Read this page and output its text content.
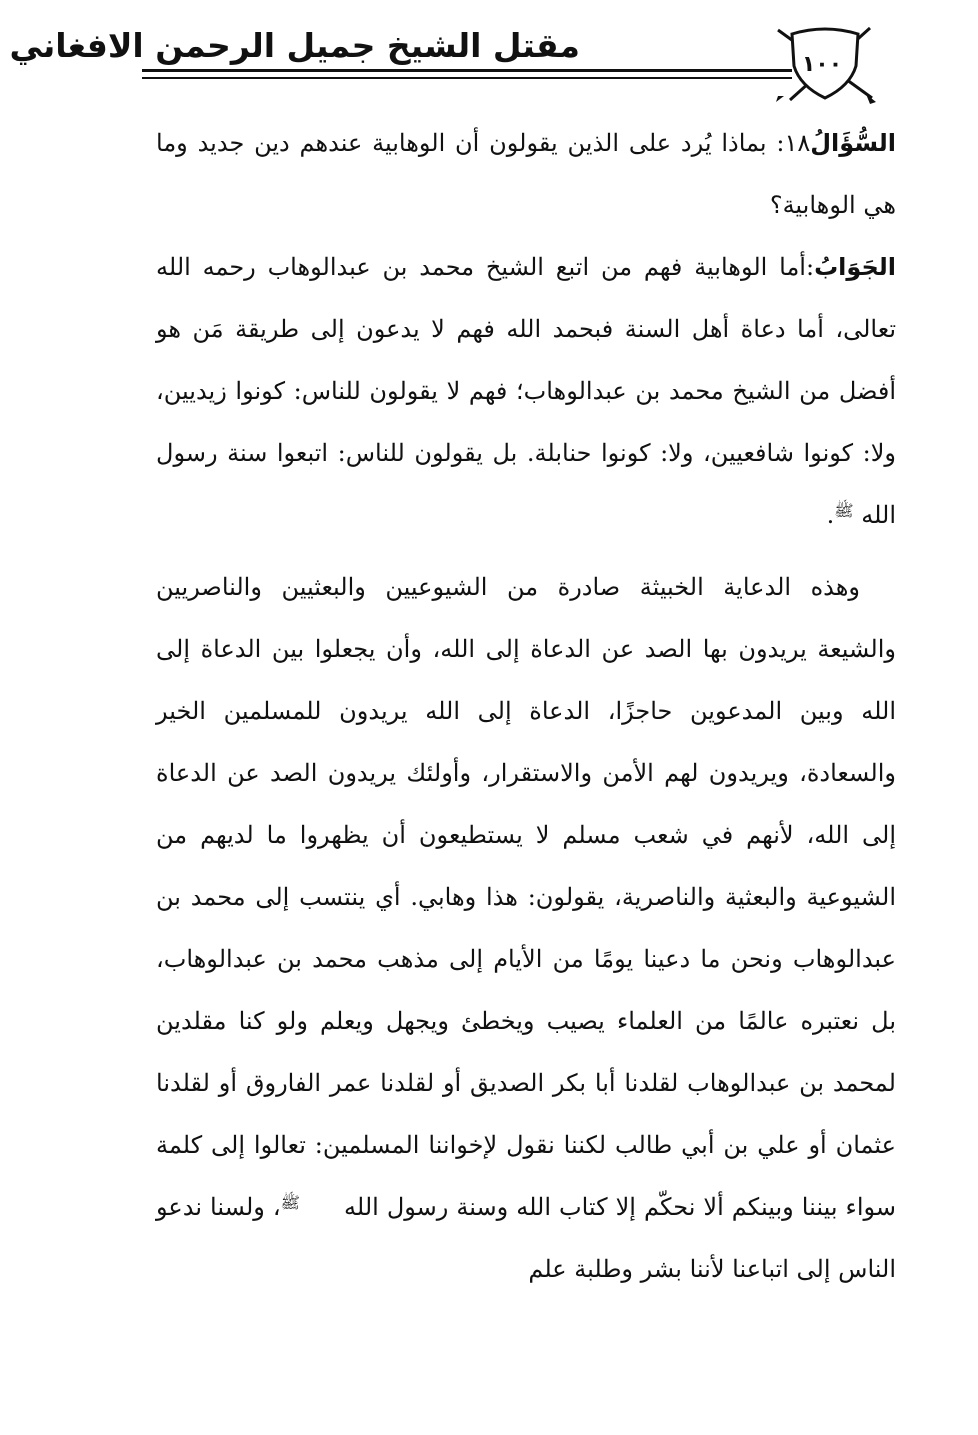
مقتل الشيخ جميل الرحمن الافغاني	١٠٠

السُّؤَالُ١٨: بماذا يُرد على الذين يقولون أن الوهابية عندهم دين جديد وما هي الوهابية؟

الجَوَابُ:أما الوهابية فهم من اتبع الشيخ محمد بن عبدالوهاب رحمه الله تعالى، أما دعاة أهل السنة فبحمد الله فهم لا يدعون إلى طريقة مَن هو أفضل من الشيخ محمد بن عبدالوهاب؛ فهم لا يقولون للناس: كونوا زيديين، ولا: كونوا شافعيين، ولا: كونوا حنابلة. بل يقولون للناس: اتبعوا سنة رسول الله ﷺ.

وهذه الدعاية الخبيثة صادرة من الشيوعيين والبعثيين والناصريين والشيعة يريدون بها الصد عن الدعاة إلى الله، وأن يجعلوا بين الدعاة إلى الله وبين المدعوين حاجزًا، الدعاة إلى الله يريدون للمسلمين الخير والسعادة، ويريدون لهم الأمن والاستقرار، وأولئك يريدون الصد عن الدعاة إلى الله، لأنهم في شعب مسلم لا يستطيعون أن يظهروا ما لديهم من الشيوعية والبعثية والناصرية، يقولون: هذا وهابي. أي ينتسب إلى محمد بن عبدالوهاب ونحن ما دعينا يومًا من الأيام إلى مذهب محمد بن عبدالوهاب، بل نعتبره عالمًا من العلماء يصيب ويخطئ ويجهل ويعلم ولو كنا مقلدين لمحمد بن عبدالوهاب لقلدنا أبا بكر الصديق أو لقلدنا عمر الفاروق أو لقلدنا عثمان أو علي بن أبي طالب لكننا نقول لإخواننا المسلمين: تعالوا إلى كلمة سواء بيننا وبينكم ألا نحكّم إلا كتاب الله وسنة رسول الله ﷺ، ولسنا ندعو الناس إلى اتباعنا لأننا بشر وطلبة علم
